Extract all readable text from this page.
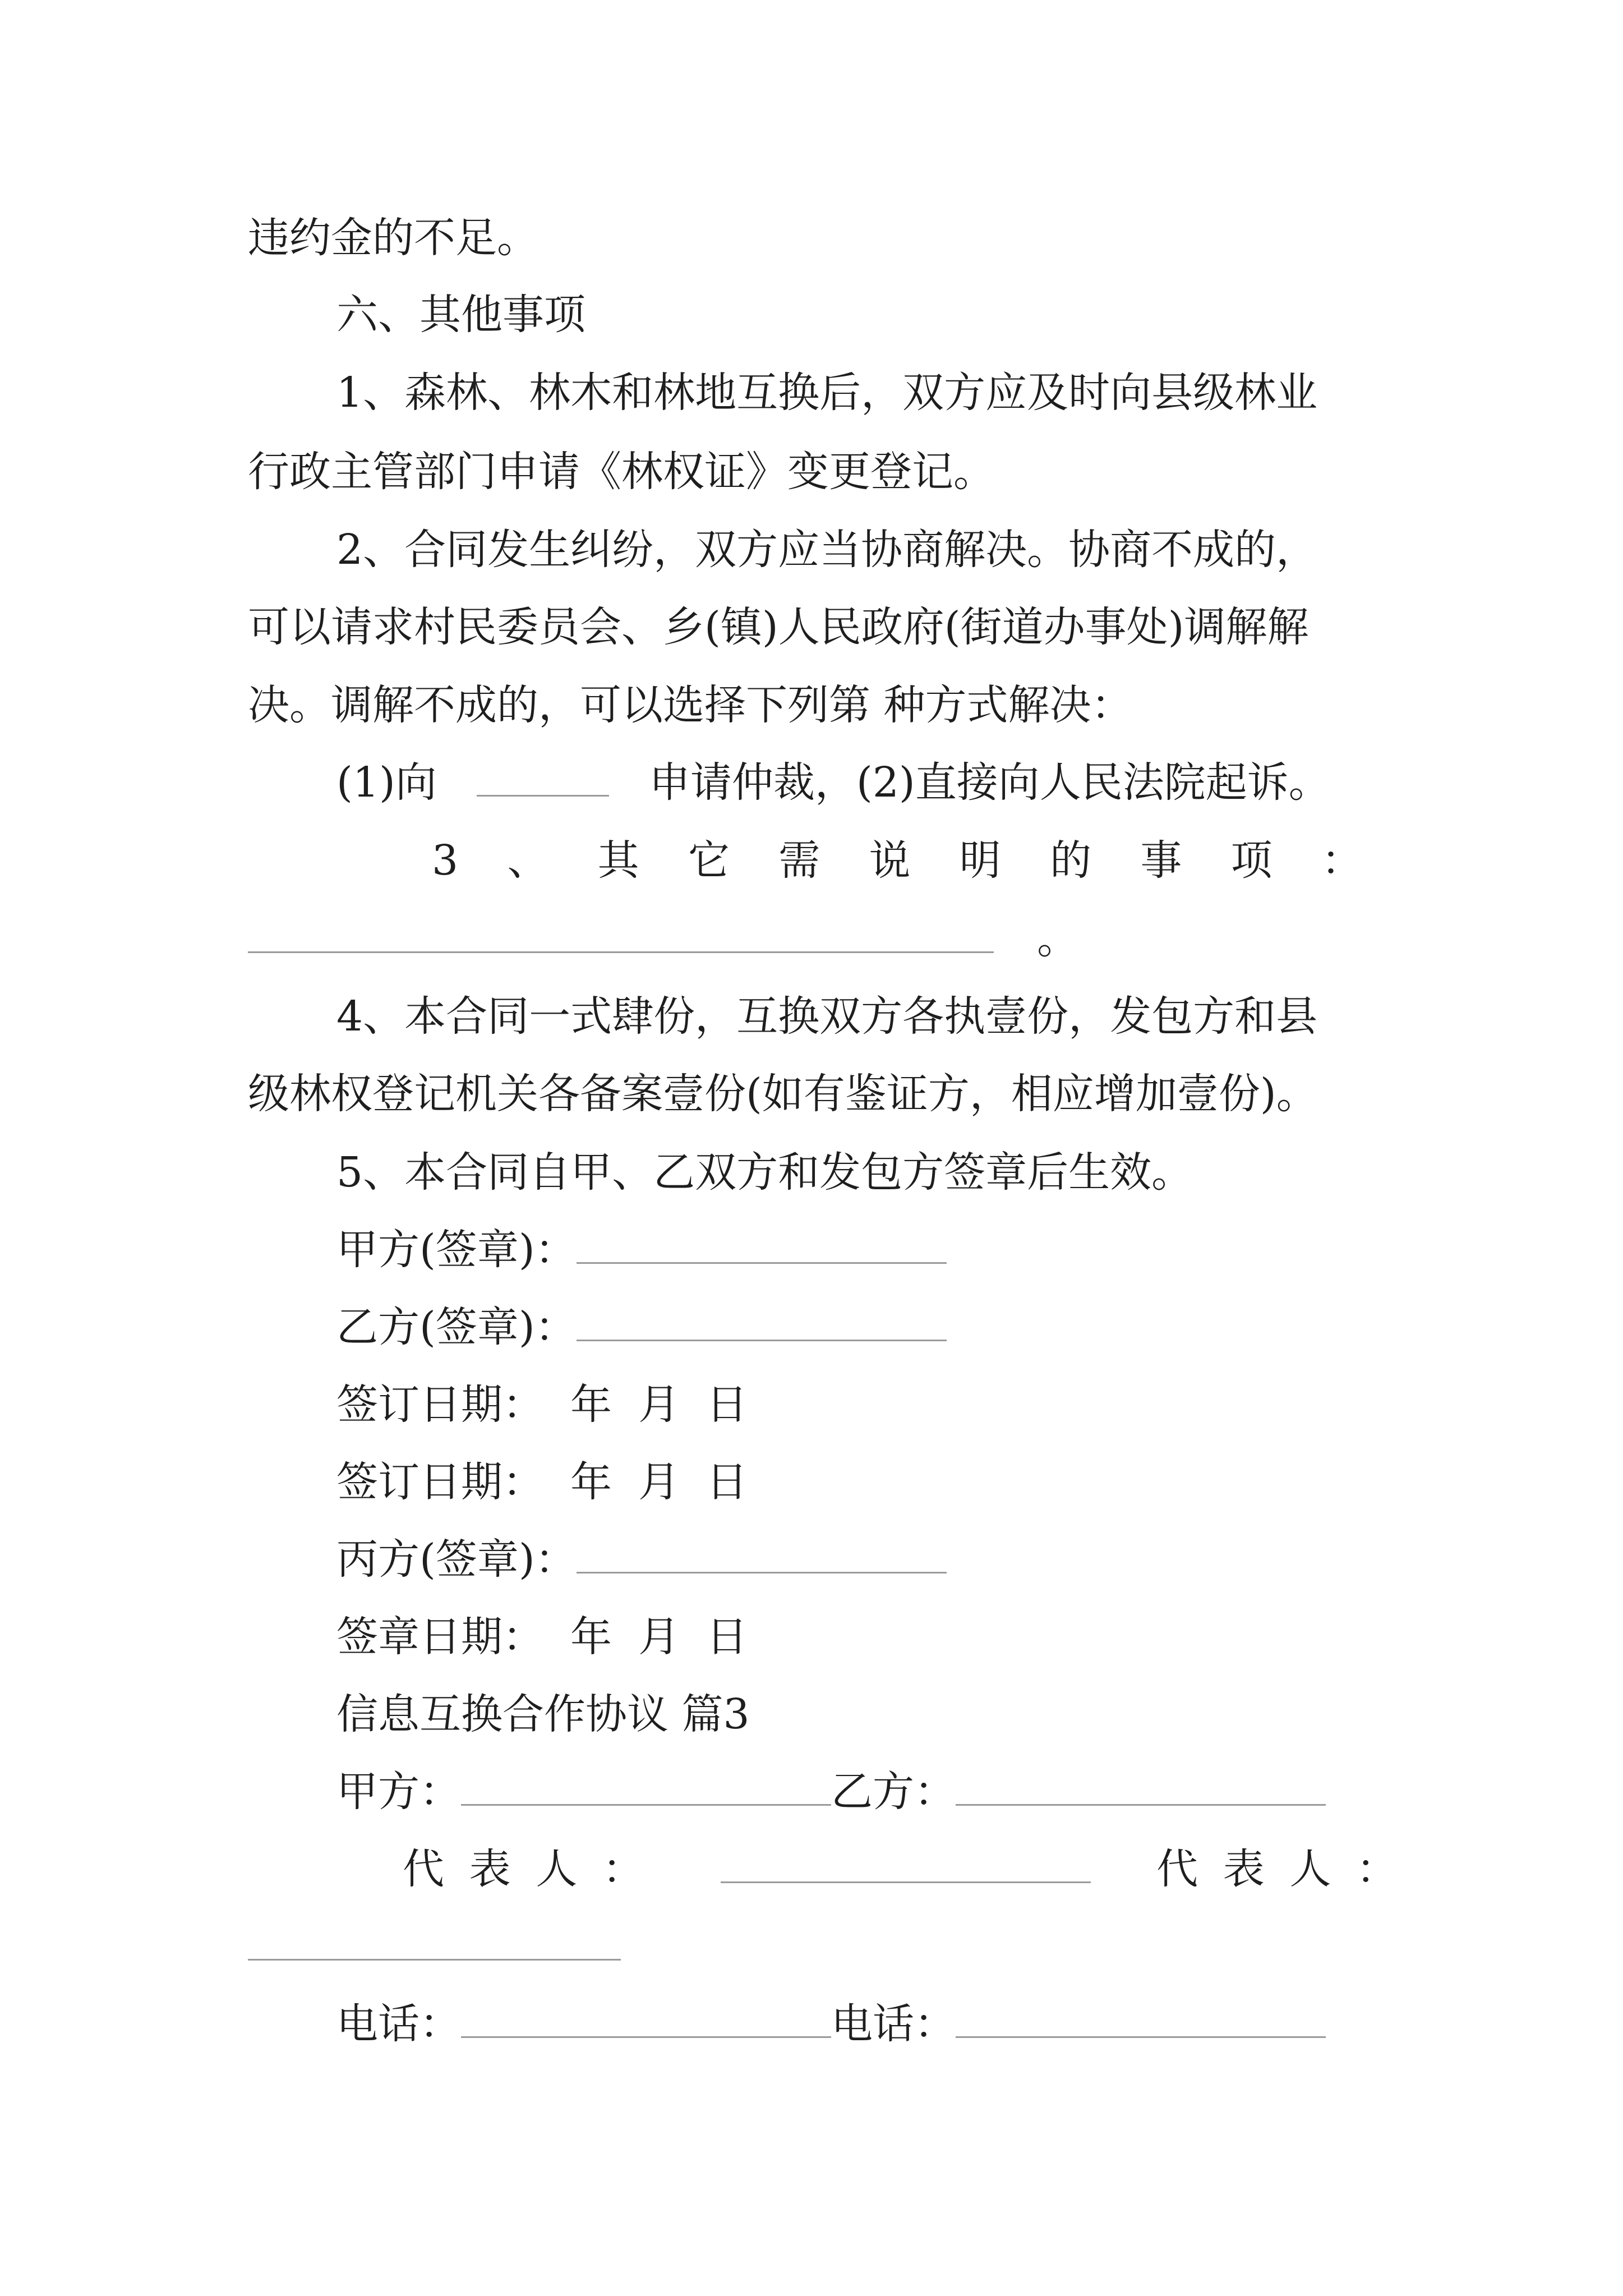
违约金的不足。
六、其他事项
1、森林、林木和林地互换后，双方应及时向县级林业
行政主管部门申请《林权证》变更登记。
2、合同发生纠纷，双方应当协商解决。协商不成的，
可以请求村民委员会、乡(镇)人民政府(街道办事处)调解解
决。调解不成的，可以选择下列第 种方式解决：
(1)向	申请仲裁，(2)直接向人民法院起诉。
3 、 其 它 需 说 明 的 事 项 ：
。
4、本合同一式肆份，互换双方各执壹份，发包方和县
级林权登记机关各备案壹份(如有鉴证方，相应增加壹份)。
5、本合同自甲、乙双方和发包方签章后生效。
甲方(签章)：
乙方(签章)：
签订日期：  年  月  日
签订日期：  年  月  日
丙方(签章)：
签章日期：  年  月  日
信息互换合作协议 篇3
甲方：	乙方：
代 表 人 ：
	代 表 人 ：
电话：	电话：
